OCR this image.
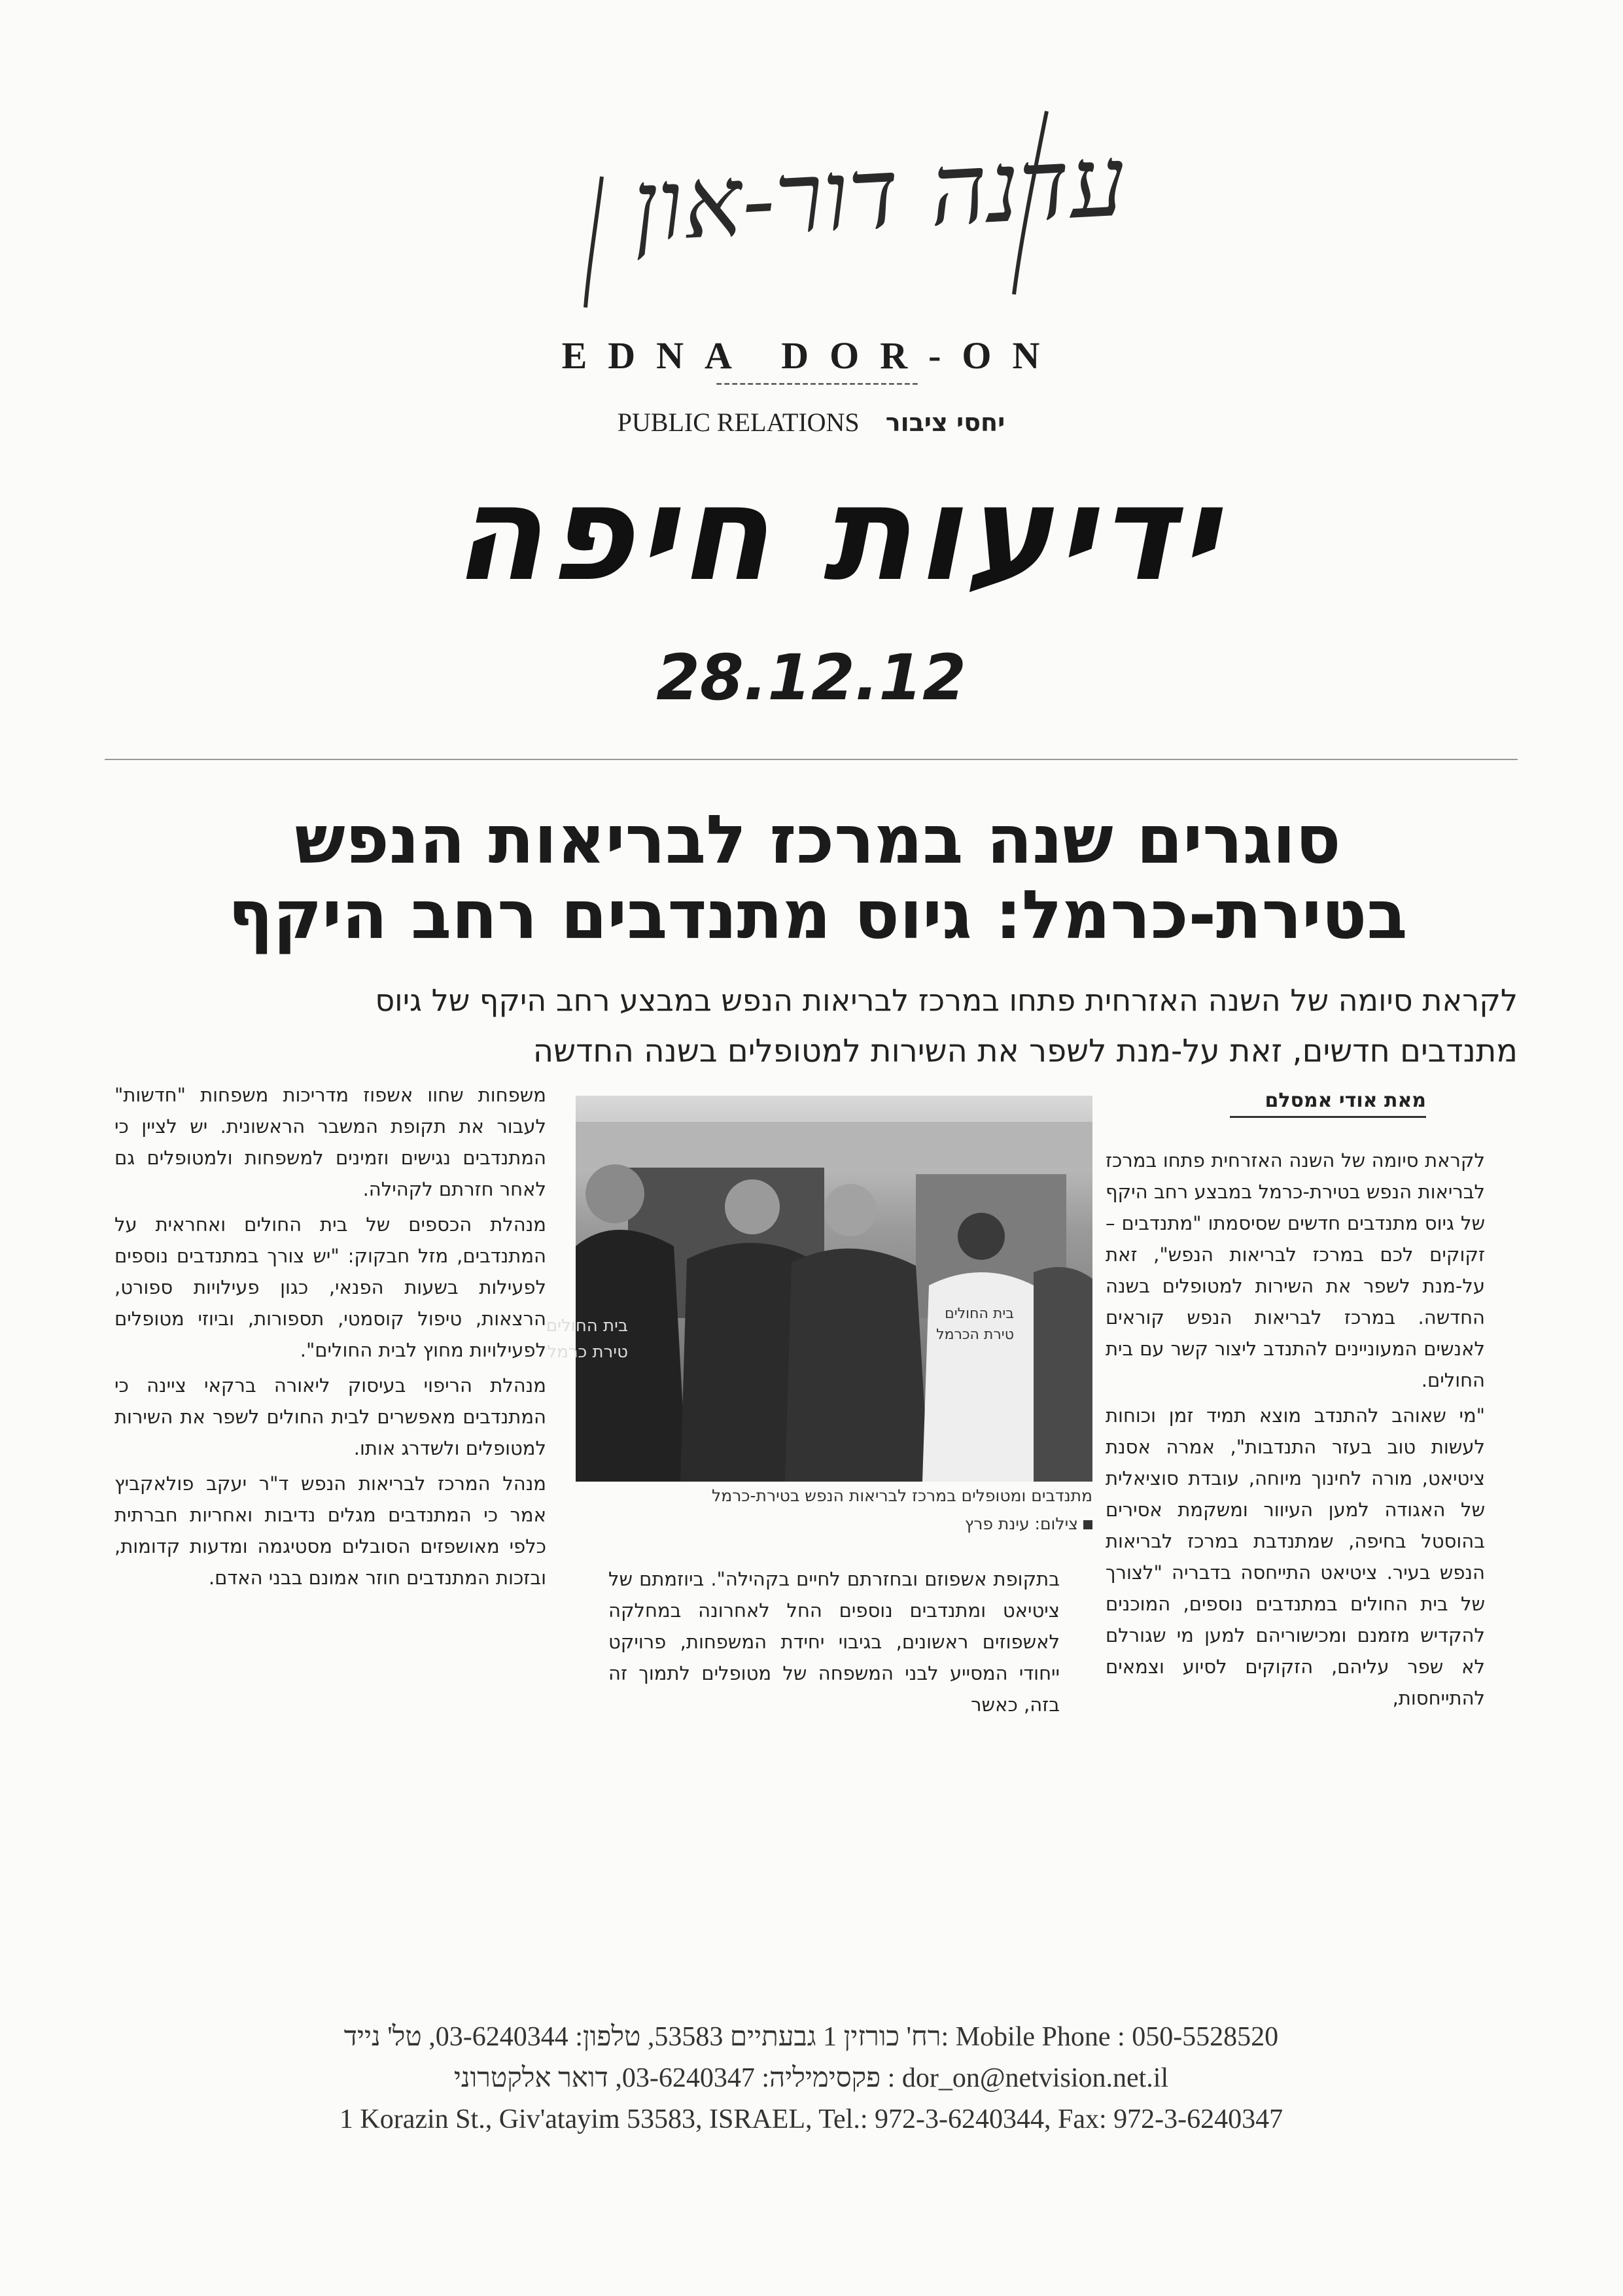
עדנה דור-און
EDNA DOR-ON
--------------------------
PUBLIC RELATIONS יחסי ציבור
ידיעות חיפה
28.12.12
סוגרים שנה במרכז לבריאות הנפש
בטירת-כרמל: גיוס מתנדבים רחב היקף
לקראת סיומה של השנה האזרחית פתחו במרכז לבריאות הנפש במבצע רחב היקף של גיוס
מתנדבים חדשים, זאת על-מנת לשפר את השירות למטופלים בשנה החדשה
מאת אודי אמסלם

לקראת סיומה של השנה האזרחית פתחו במרכז לבריאות הנפש בטירת-כרמל במבצע רחב היקף של גיוס מתנדבים חדשים שסיסמתו "מתנדבים – זקוקים לכם במרכז לבריאות הנפש", זאת על-מנת לשפר את השירות למטופלים בשנה החדשה. במרכז לבריאות הנפש קוראים לאנשים המעוניינים להתנדב ליצור קשר עם בית החולים.

"מי שאוהב להתנדב מוצא תמיד זמן וכוחות לעשות טוב בעזר התנדבות", אמרה אסנת ציטיאט, מורה לחינוך מיוחה, עובדת סוציאלית של האגודה למען העיוור ומשקמת אסירים בהוסטל בחיפה, שמתנדבת במרכז לבריאות הנפש בעיר. ציטיאט התייחסה בדבריה "לצורך של בית החולים במתנדבים נוספים, המוכנים להקדיש מזמנם ומכישוריהם למען מי שגורלם לא שפר עליהם, הזקוקים לסיוע וצמאים להתייחסות,

בית החולים
טירת כרמל
בית החולים
טירת הכרמל
מתנדבים ומטופלים במרכז לבריאות הנפש בטירת-כרמל
צילום: עינת פרץ
בתקופת אשפוזם ובחזרתם לחיים בקהילה". ביוזמתם של ציטיאט ומתנדבים נוספים החל לאחרונה במחלקה לאשפוזים ראשונים, בגיבוי יחידת המשפחות, פרויקט ייחודי המסייע לבני המשפחה של מטופלים לתמוך זה בזה, כאשר

משפחות שחוו אשפוז מדריכות משפחות "חדשות" לעבור את תקופת המשבר הראשונית. יש לציין כי המתנדבים נגישים וזמינים למשפחות ולמטופלים גם לאחר חזרתם לקהילה.

מנהלת הכספים של בית החולים ואחראית על המתנדבים, מזל חבקוק: "יש צורך במתנדבים נוספים לפעילות בשעות הפנאי, כגון פעילויות ספורט, הרצאות, טיפול קוסמטי, תספורות, וביוזי מטופלים לפעילויות מחוץ לבית החולים".

מנהלת הריפוי בעיסוק ליאורה ברקאי ציינה כי המתנדבים מאפשרים לבית החולים לשפר את השירות למטופלים ולשדרג אותו.

מנהל המרכז לבריאות הנפש ד"ר יעקב פולאקביץ אמר כי המתנדבים מגלים נדיבות ואחריות חברתית כלפי מאושפזים הסובלים מסטיגמה ומדעות קדומות, ובזכות המתנדבים חוזר אמונם בבני האדם.

Mobile Phone : 050-5528520 :רח' כורזין 1 גבעתיים 53583, טלפון: 03-6240344, טל' נייד
dor_on@netvision.net.il : פקסימיליה: 03-6240347, דואר אלקטרוני
1 Korazin St., Giv'atayim 53583, ISRAEL, Tel.: 972-3-6240344, Fax: 972-3-6240347
